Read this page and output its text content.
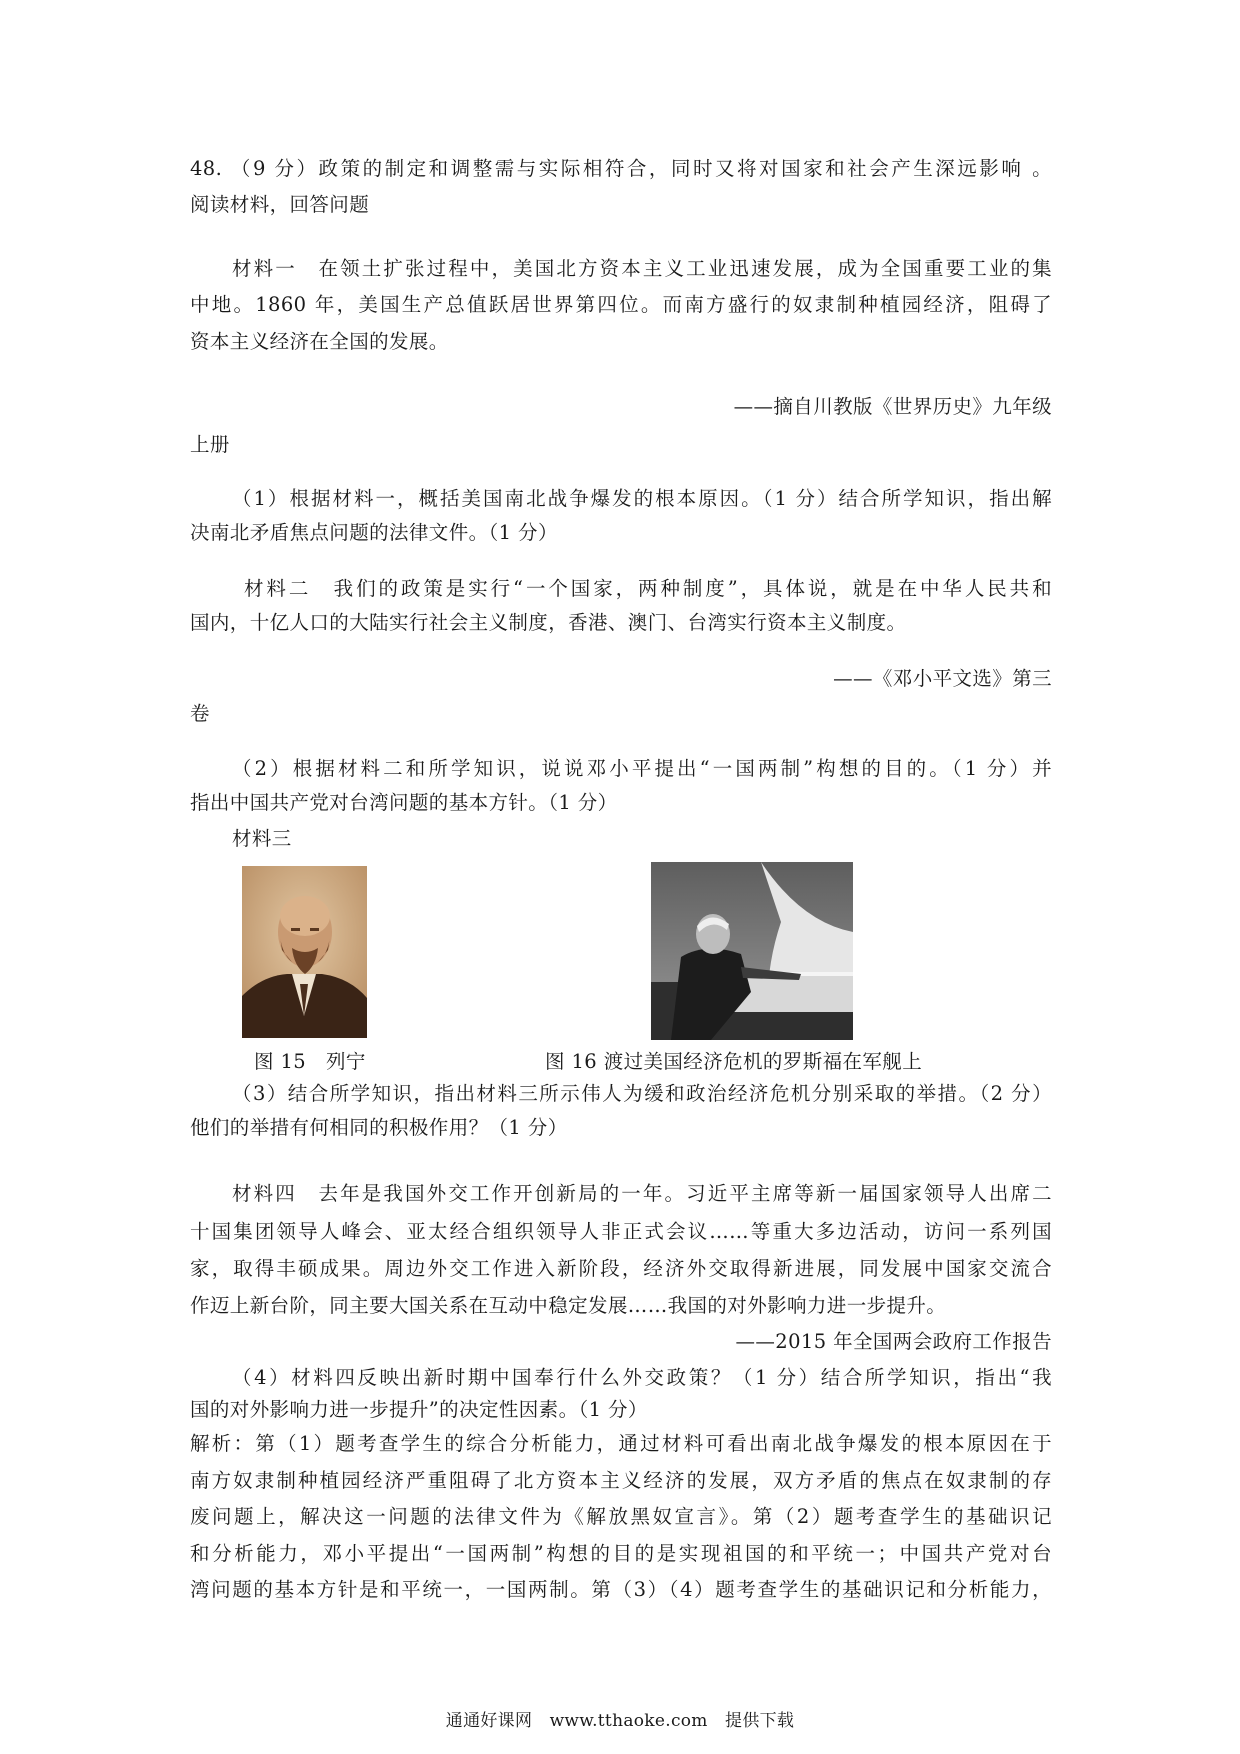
48. （9 分）政策的制定和调整需与实际相符合，同时又将对国家和社会产生深远影响 。
阅读材料，回答问题
材料一　在领土扩张过程中，美国北方资本主义工业迅速发展，成为全国重要工业的集
中地。1860 年，美国生产总值跃居世界第四位。而南方盛行的奴隶制种植园经济，阻碍了
资本主义经济在全国的发展。
——摘自川教版《世界历史》九年级
上册
（1）根据材料一，概括美国南北战争爆发的根本原因。（1 分）结合所学知识，指出解
决南北矛盾焦点问题的法律文件。（1 分）
材料二　我们的政策是实行“一个国家，两种制度”，具体说，就是在中华人民共和
国内，十亿人口的大陆实行社会主义制度，香港、澳门、台湾实行资本主义制度。
——《邓小平文选》第三
卷
（2）根据材料二和所学知识，说说邓小平提出“一国两制”构想的目的。（1 分）并
指出中国共产党对台湾问题的基本方针。（1 分）
材料三
图 15　列宁	图 16 渡过美国经济危机的罗斯福在军舰上
（3）结合所学知识，指出材料三所示伟人为缓和政治经济危机分别采取的举措。（2 分）
他们的举措有何相同的积极作用？（1 分）
材料四　去年是我国外交工作开创新局的一年。习近平主席等新一届国家领导人出席二
十国集团领导人峰会、亚太经合组织领导人非正式会议……等重大多边活动，访问一系列国
家，取得丰硕成果。周边外交工作进入新阶段，经济外交取得新进展，同发展中国家交流合
作迈上新台阶，同主要大国关系在互动中稳定发展……我国的对外影响力进一步提升。
——2015 年全国两会政府工作报告
（4）材料四反映出新时期中国奉行什么外交政策？（1 分）结合所学知识，指出“我
国的对外影响力进一步提升”的决定性因素。（1 分）
解析：第（1）题考查学生的综合分析能力，通过材料可看出南北战争爆发的根本原因在于
南方奴隶制种植园经济严重阻碍了北方资本主义经济的发展，双方矛盾的焦点在奴隶制的存
废问题上，解决这一问题的法律文件为《解放黑奴宣言》。第（2）题考查学生的基础识记
和分析能力，邓小平提出“一国两制”构想的目的是实现祖国的和平统一；中国共产党对台
湾问题的基本方针是和平统一，一国两制。第（3）（4）题考查学生的基础识记和分析能力，
通通好课网　www.tthaoke.com　提供下载
